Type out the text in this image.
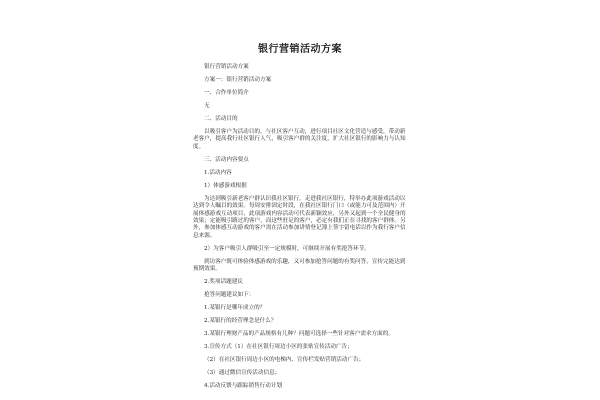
银行营销活动方案

银行营销活动方案

方案一：银行营销活动方案

一、合作单位简介

无

二、活动目的

以吸引客户为活动目的，与社区客户互动，进行项目社区文化营造与感受，带动新老客户，提高我行社区银行人气，吸引客户群的关注度，扩大社区银行的影响力与认知度。

三、活动内容要点

1.活动内容

1）体感游戏根据

为达到吸引新老客户群认识我社区银行，走进我社区银行，特举办此项游戏活动以达到令人瞩目的效果。每周安排固定时段，在我社区银行门口（或能力可及范围内）开展体感游戏互动项目，此项游戏内容活动可代表新颖效应，另外又起到一个全民健身的效果；定能吸引路过的客户，而这些驻足的客户，必定有我们正在寻找的客户群体。另外，参加体感互动游戏的客户需在活动参加讲情登记簿上签字留电话以作为我行客户信息来源。

2）为客户吸引人群吸引至一定规模时，可继续开展有奖抢答环节。

到访客户既可体验体感游戏的乐趣，又可参加抢答问题的有奖问答，宣传完能达到预期效果。

2.奖项话题建议

抢答问题建议如下：

1.某银行是哪年成立的？

2.某银行的经营理念是什么？

3.某银行理财产品的产品规格有几种？问题可选择一些针对客户需求方面的。

3.宣传方式（1）在社区银行周边小区的张贴宣传活动广告；

（2）在社区银行周边小区的电梯内、宣传栏发贴营销活动广告；

（3）通过微信宣传活动信息；

4.活动反馈与跟踪销售行动计划
